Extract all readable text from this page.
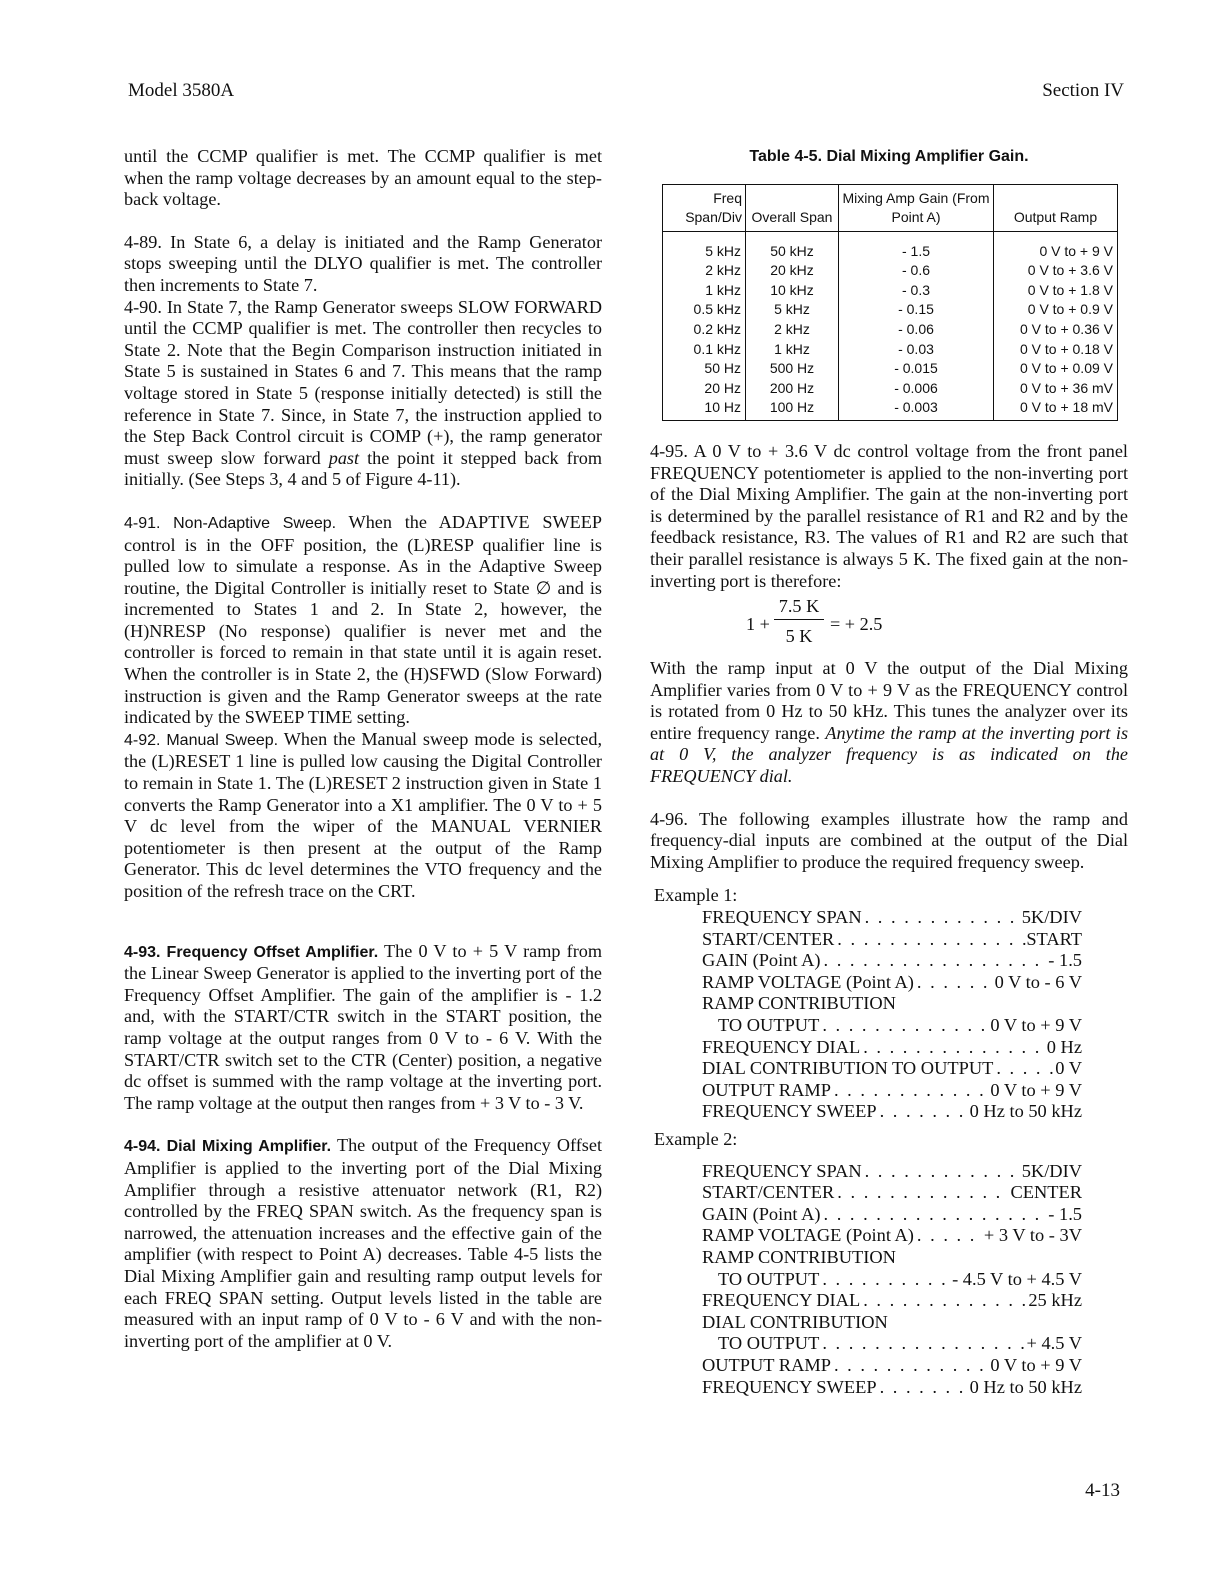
Model 3580A	Section IV

until the CCMP qualifier is met. The CCMP qualifier is met when the ramp voltage decreases by an amount equal to the step-back voltage.

4-89. In State 6, a delay is initiated and the Ramp Generator stops sweeping until the DLYO qualifier is met. The controller then increments to State 7.

4-90. In State 7, the Ramp Generator sweeps SLOW FORWARD until the CCMP qualifier is met. The controller then recycles to State 2. Note that the Begin Comparison instruction initiated in State 5 is sustained in States 6 and 7. This means that the ramp voltage stored in State 5 (response initially detected) is still the reference in State 7. Since, in State 7, the instruction applied to the Step Back Control circuit is COMP (+), the ramp generator must sweep slow forward past the point it stepped back from initially. (See Steps 3, 4 and 5 of Figure 4-11).

4-91. Non-Adaptive Sweep. When the ADAPTIVE SWEEP control is in the OFF position, the (L)RESP qualifier line is pulled low to simulate a response. As in the Adaptive Sweep routine, the Digital Controller is initially reset to State ∅ and is incremented to States 1 and 2. In State 2, however, the (H)NRESP (No response) qualifier is never met and the controller is forced to remain in that state until it is again reset. When the controller is in State 2, the (H)SFWD (Slow Forward) instruction is given and the Ramp Generator sweeps at the rate indicated by the SWEEP TIME setting.

4-92. Manual Sweep. When the Manual sweep mode is selected, the (L)RESET 1 line is pulled low causing the Digital Controller to remain in State 1. The (L)RESET 2 instruction given in State 1 converts the Ramp Generator into a X1 amplifier. The 0 V to + 5 V dc level from the wiper of the MANUAL VERNIER potentiometer is then present at the output of the Ramp Generator. This dc level determines the VTO frequency and the position of the refresh trace on the CRT.

4-93. Frequency Offset Amplifier. The 0 V to + 5 V ramp from the Linear Sweep Generator is applied to the inverting port of the Frequency Offset Amplifier. The gain of the amplifier is - 1.2 and, with the START/CTR switch in the START position, the ramp voltage at the output ranges from 0 V to - 6 V. With the START/CTR switch set to the CTR (Center) position, a negative dc offset is summed with the ramp voltage at the inverting port. The ramp voltage at the output then ranges from + 3 V to - 3 V.

4-94. Dial Mixing Amplifier. The output of the Frequency Offset Amplifier is applied to the inverting port of the Dial Mixing Amplifier through a resistive attenuator network (R1, R2) controlled by the FREQ SPAN switch. As the frequency span is narrowed, the attenuation increases and the effective gain of the amplifier (with respect to Point A) decreases. Table 4-5 lists the Dial Mixing Amplifier gain and resulting ramp output levels for each FREQ SPAN setting. Output levels listed in the table are measured with an input ramp of 0 V to - 6 V and with the non-inverting port of the amplifier at 0 V.

Table 4-5. Dial Mixing Amplifier Gain.

Freq Span/Div	Overall Span	Mixing Amp Gain (From Point A)	Output Ramp
5 kHz	50 kHz	- 1.5	0 V to + 9 V
2 kHz	20 kHz	- 0.6	0 V to + 3.6 V
1 kHz	10 kHz	- 0.3	0 V to + 1.8 V
0.5 kHz	5 kHz	- 0.15	0 V to + 0.9 V
0.2 kHz	2 kHz	- 0.06	0 V to + 0.36 V
0.1 kHz	1 kHz	- 0.03	0 V to + 0.18 V
50 Hz	500 Hz	- 0.015	0 V to + 0.09 V
20 Hz	200 Hz	- 0.006	0 V to + 36 mV
10 Hz	100 Hz	- 0.003	0 V to + 18 mV

4-95. A 0 V to + 3.6 V dc control voltage from the front panel FREQUENCY potentiometer is applied to the non-inverting port of the Dial Mixing Amplifier. The gain at the non-inverting port is determined by the parallel resistance of R1 and R2 and by the feedback resistance, R3. The values of R1 and R2 are such that their parallel resistance is always 5 K. The fixed gain at the non-inverting port is therefore:

1 +
7.5 K
5 K
= + 2.5

With the ramp input at 0 V the output of the Dial Mixing Amplifier varies from 0 V to + 9 V as the FREQUENCY control is rotated from 0 Hz to 50 kHz. This tunes the analyzer over its entire frequency range. Anytime the ramp at the inverting port is at 0 V, the analyzer frequency is as indicated on the FREQUENCY dial.

4-96. The following examples illustrate how the ramp and frequency-dial inputs are combined at the output of the Dial Mixing Amplifier to produce the required frequency sweep.

Example 1:
FREQUENCY SPAN . . .	5K/DIV
START/CENTER . . .	START
GAIN (Point A) . . .	- 1.5
RAMP VOLTAGE (Point A) . . .	0 V to - 6 V
RAMP CONTRIBUTION
TO OUTPUT . . .	0 V to + 9 V
FREQUENCY DIAL . . .	0 Hz
DIAL CONTRIBUTION TO OUTPUT . . .	0 V
OUTPUT RAMP . . .	0 V to + 9 V
FREQUENCY SWEEP . . .	0 Hz to 50 kHz
Example 2:
FREQUENCY SPAN . . .	5K/DIV
START/CENTER . . .	CENTER
GAIN (Point A) . . .	- 1.5
RAMP VOLTAGE (Point A) . . .	+ 3 V to - 3V
RAMP CONTRIBUTION
TO OUTPUT . . .	- 4.5 V to + 4.5 V
FREQUENCY DIAL . . .	25 kHz
DIAL CONTRIBUTION
TO OUTPUT . . .	+ 4.5 V
OUTPUT RAMP . . .	0 V to + 9 V
FREQUENCY SWEEP . . .	0 Hz to 50 kHz
4-13
